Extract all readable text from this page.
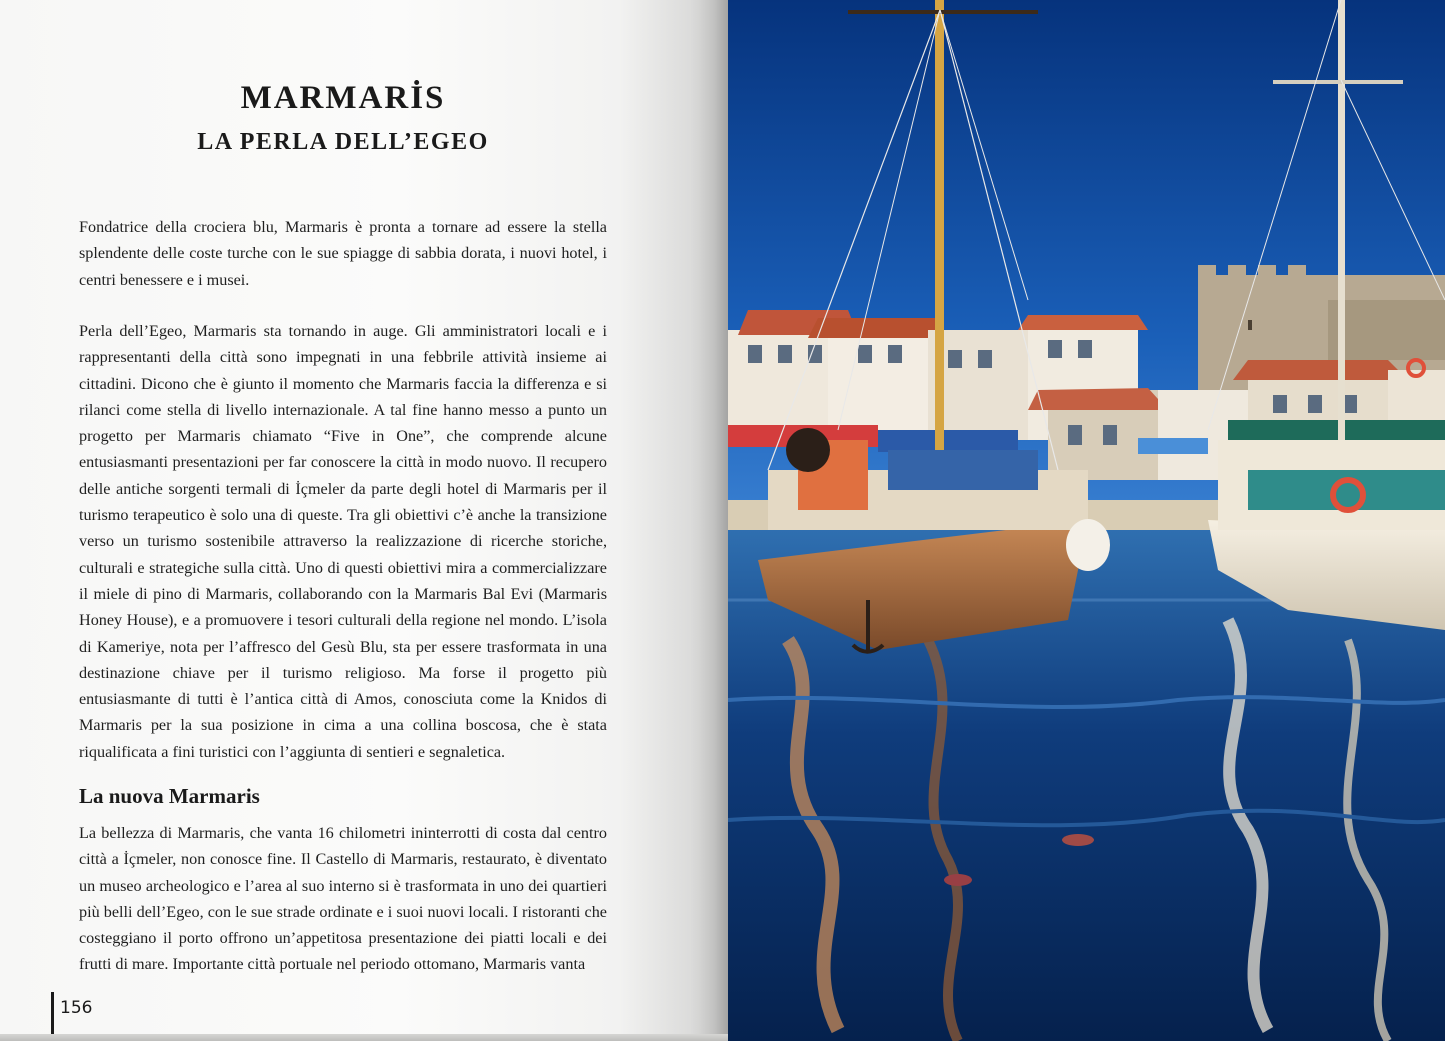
MARMARİS
LA PERLA DELL’EGEO

Fondatrice della crociera blu, Marmaris è pronta a tornare ad essere la stella splendente delle coste turche con le sue spiagge di sabbia dorata, i nuovi hotel, i centri benessere e i musei.

Perla dell’Egeo, Marmaris sta tornando in auge. Gli amministratori locali e i rappresentanti della città sono impegnati in una febbrile attività insieme ai cittadini. Dicono che è giunto il momento che Marmaris faccia la differenza e si rilanci come stella di livello internazionale. A tal fine hanno messo a punto un progetto per Marmaris chiamato “Five in One”, che comprende alcune entusiasmanti presentazioni per far conoscere la città in modo nuovo. Il recupero delle antiche sorgenti termali di İçmeler da parte degli hotel di Marmaris per il turismo terapeutico è solo una di queste. Tra gli obiettivi c’è anche la transizione verso un turismo sostenibile attraverso la realizzazione di ricerche storiche, culturali e strategiche sulla città. Uno di questi obiettivi mira a commercializzare il miele di pino di Marmaris, collaborando con la Marmaris Bal Evi (Marmaris Honey House), e a promuovere i tesori culturali della regione nel mondo. L’isola di Kameriye, nota per l’affresco del Gesù Blu, sta per essere trasformata in una destinazione chiave per il turismo religioso. Ma forse il progetto più entusiasmante di tutti è l’antica città di Amos, conosciuta come la Knidos di Marmaris per la sua posizione in cima a una collina boscosa, che è stata riqualificata a fini turistici con l’aggiunta di sentieri e segnaletica.

La nuova Marmaris

La bellezza di Marmaris, che vanta 16 chilometri ininterrotti di costa dal centro città a İçmeler, non conosce fine. Il Castello di Marmaris, restaurato, è diventato un museo archeologico e l’area al suo interno si è trasformata in uno dei quartieri più belli dell’Egeo, con le sue strade ordinate e i suoi nuovi locali. I ristoranti che costeggiano il porto offrono un’appetitosa presentazione dei piatti locali e dei frutti di mare. Importante città portuale nel periodo ottomano, Marmaris vanta

156
